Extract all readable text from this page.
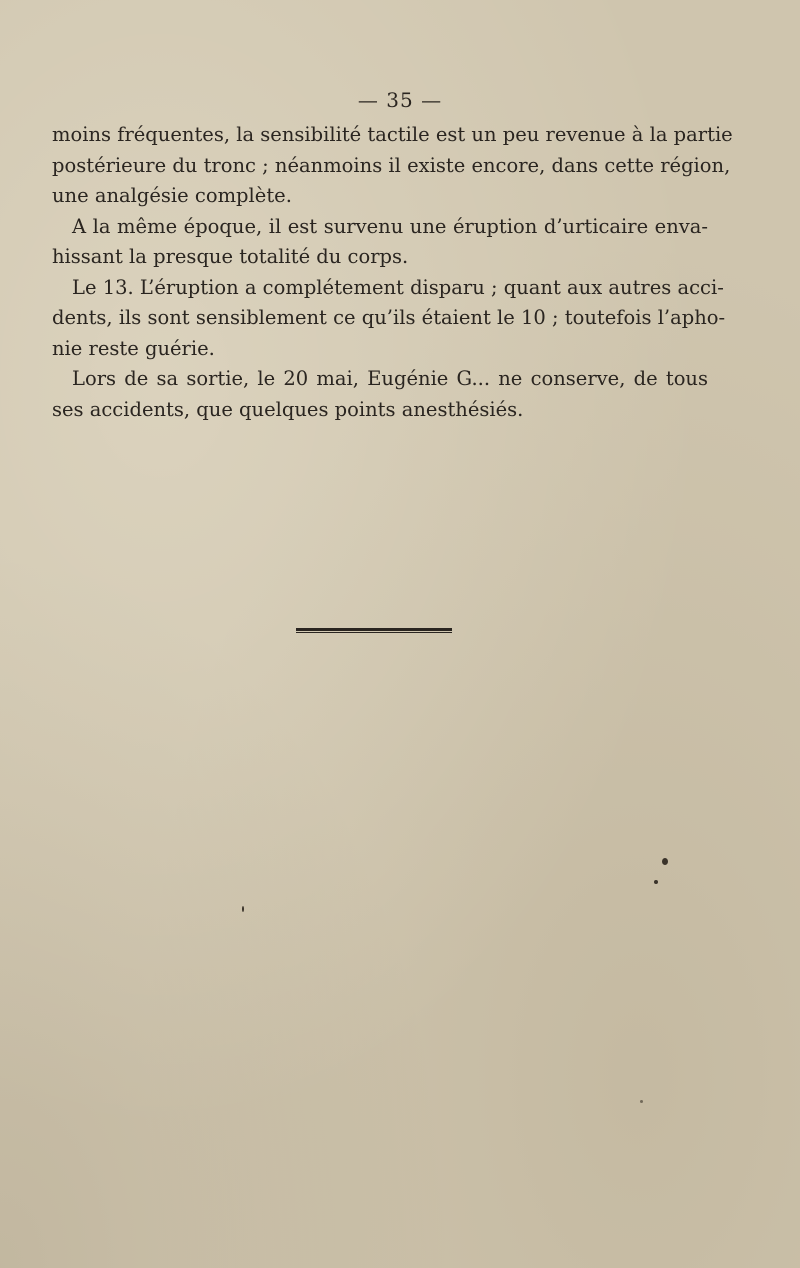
— 35 —
moins fréquentes, la sensibilité tactile est un peu revenue à la partie
postérieure du tronc ; néanmoins il existe encore, dans cette région,
une analgésie complète.
A la même époque, il est survenu une éruption d’urticaire enva-
hissant la presque totalité du corps.
Le 13. L’éruption a complétement disparu ; quant aux autres acci-
dents, ils sont sensiblement ce qu’ils étaient le 10 ; toutefois l’apho-
nie reste guérie.
Lors de sa sortie, le 20 mai, Eugénie G... ne conserve, de tous
ses accidents, que quelques points anesthésiés.
